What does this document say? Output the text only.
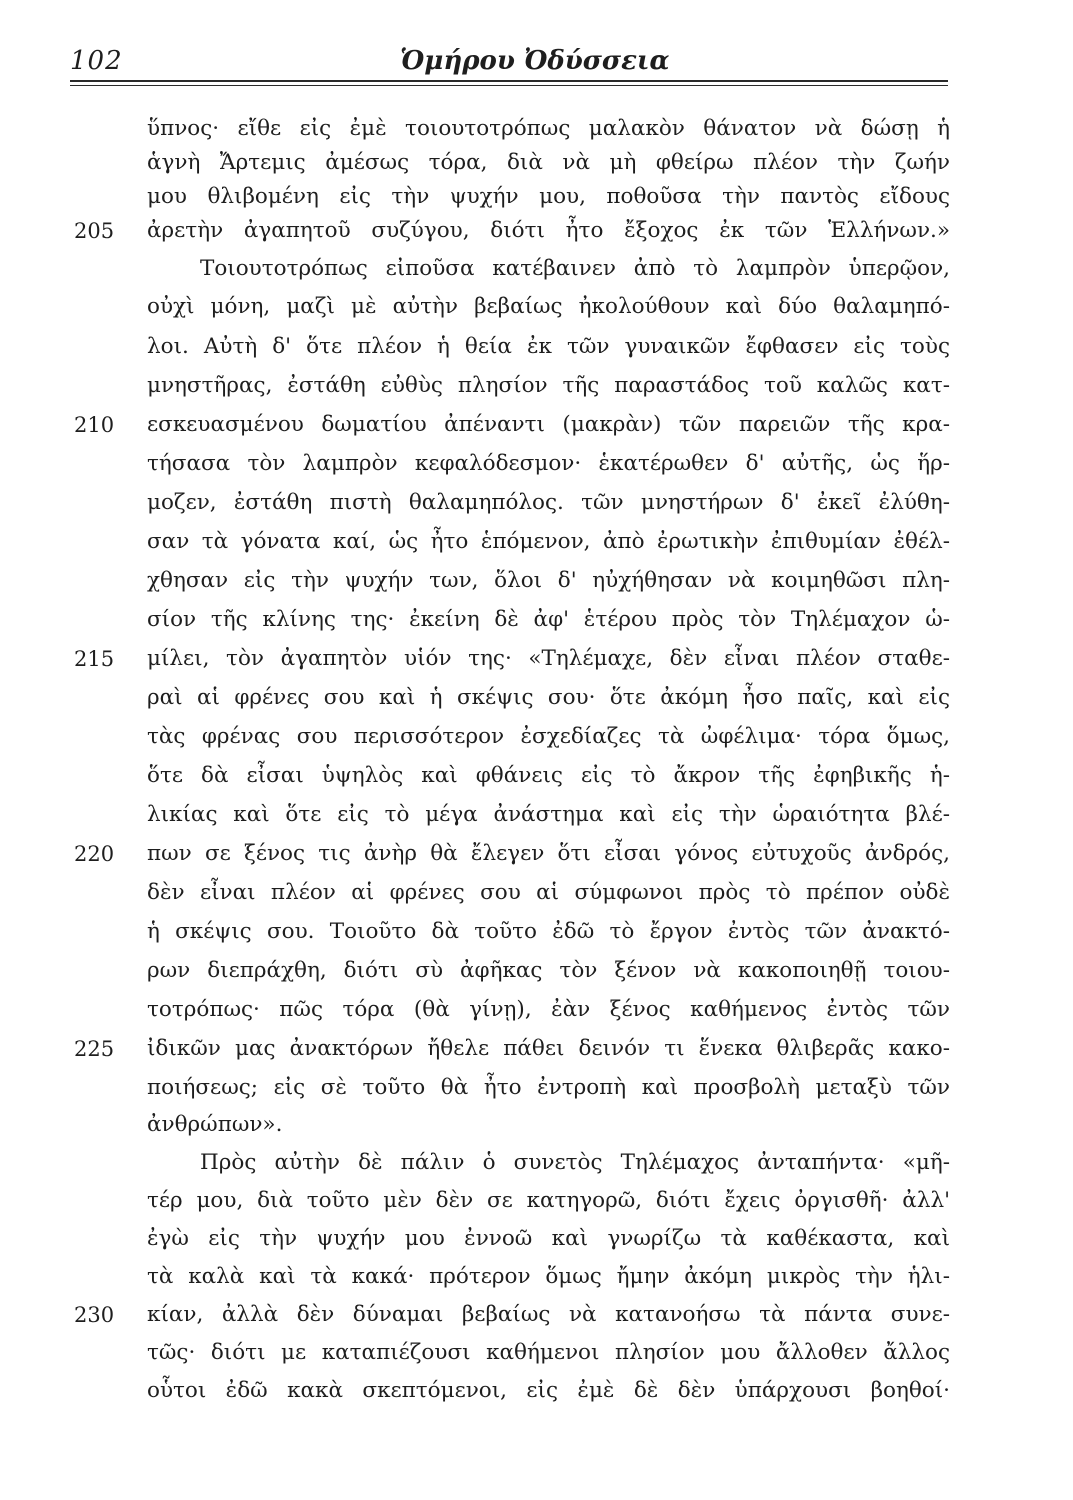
102	Ὁμήρου Ὀδύσσεια
ὕπνος· εἴθε εἰς ἐμὲ τοιουτοτρόπως μαλακὸν θάνατον νὰ δώσῃ ἡ
ἁγνὴ Ἄρτεμις ἀμέσως τόρα, διὰ νὰ μὴ φθείρω πλέον τὴν ζωήν
μου θλιβομένη εἰς τὴν ψυχήν μου, ποθοῦσα τὴν παντὸς εἴδους
ἀρετὴν ἀγαπητοῦ συζύγου, διότι ἦτο ἔξοχος ἐκ τῶν Ἑλλήνων.»
Τοιουτοτρόπως εἰποῦσα κατέβαινεν ἀπὸ τὸ λαμπρὸν ὑπερῷον,
οὐχὶ μόνη, μαζὶ μὲ αὐτὴν βεβαίως ἠκολούθουν καὶ δύο θαλαμηπό-
λοι. Αὐτὴ δ' ὅτε πλέον ἡ θεία ἐκ τῶν γυναικῶν ἔφθασεν εἰς τοὺς
μνηστῆρας, ἐστάθη εὐθὺς πλησίον τῆς παραστάδος τοῦ καλῶς κατ-
εσκευασμένου δωματίου ἀπέναντι (μακρὰν) τῶν παρειῶν τῆς κρα-
τήσασα τὸν λαμπρὸν κεφαλόδεσμον· ἑκατέρωθεν δ' αὐτῆς, ὡς ἥρ-
μοζεν, ἐστάθη πιστὴ θαλαμηπόλος. τῶν μνηστήρων δ' ἐκεῖ ἐλύθη-
σαν τὰ γόνατα καί, ὡς ἦτο ἑπόμενον, ἀπὸ ἐρωτικὴν ἐπιθυμίαν ἐθέλ-
χθησαν εἰς τὴν ψυχήν των, ὅλοι δ' ηὐχήθησαν νὰ κοιμηθῶσι πλη-
σίον τῆς κλίνης της· ἐκείνη δὲ ἀφ' ἑτέρου πρὸς τὸν Τηλέμαχον ὡ-
μίλει, τὸν ἀγαπητὸν υἱόν της· «Τηλέμαχε, δὲν εἶναι πλέον σταθε-
ραὶ αἱ φρένες σου καὶ ἡ σκέψις σου· ὅτε ἀκόμη ἦσο παῖς, καὶ εἰς
τὰς φρένας σου περισσότερον ἐσχεδίαζες τὰ ὠφέλιμα· τόρα ὅμως,
ὅτε δὰ εἶσαι ὑψηλὸς καὶ φθάνεις εἰς τὸ ἄκρον τῆς ἐφηβικῆς ἡ-
λικίας καὶ ὅτε εἰς τὸ μέγα ἀνάστημα καὶ εἰς τὴν ὡραιότητα βλέ-
πων σε ξένος τις ἀνὴρ θὰ ἔλεγεν ὅτι εἶσαι γόνος εὐτυχοῦς ἀνδρός,
δὲν εἶναι πλέον αἱ φρένες σου αἱ σύμφωνοι πρὸς τὸ πρέπον οὐδὲ
ἡ σκέψις σου. Τοιοῦτο δὰ τοῦτο ἐδῶ τὸ ἔργον ἐντὸς τῶν ἀνακτό-
ρων διεπράχθη, διότι σὺ ἀφῆκας τὸν ξένον νὰ κακοποιηθῇ τοιου-
τοτρόπως· πῶς τόρα (θὰ γίνῃ), ἐὰν ξένος καθήμενος ἐντὸς τῶν
ἰδικῶν μας ἀνακτόρων ἤθελε πάθει δεινόν τι ἕνεκα θλιβερᾶς κακο-
ποιήσεως; εἰς σὲ τοῦτο θὰ ἦτο ἐντροπὴ καὶ προσβολὴ μεταξὺ τῶν
ἀνθρώπων».
Πρὸς αὐτὴν δὲ πάλιν ὁ συνετὸς Τηλέμαχος ἀνταπήντα· «μῆ-
τέρ μου, διὰ τοῦτο μὲν δὲν σε κατηγορῶ, διότι ἔχεις ὀργισθῆ· ἀλλ'
ἐγὼ εἰς τὴν ψυχήν μου ἐννοῶ καὶ γνωρίζω τὰ καθέκαστα, καὶ
τὰ καλὰ καὶ τὰ κακά· πρότερον ὅμως ἤμην ἀκόμη μικρὸς τὴν ἡλι-
κίαν, ἀλλὰ δὲν δύναμαι βεβαίως νὰ κατανοήσω τὰ πάντα συνε-
τῶς· διότι με καταπιέζουσι καθήμενοι πλησίον μου ἄλλοθεν ἄλλος
οὗτοι ἐδῶ κακὰ σκεπτόμενοι, εἰς ἐμὲ δὲ δὲν ὑπάρχουσι βοηθοί·
205
210
215
220
225
230
